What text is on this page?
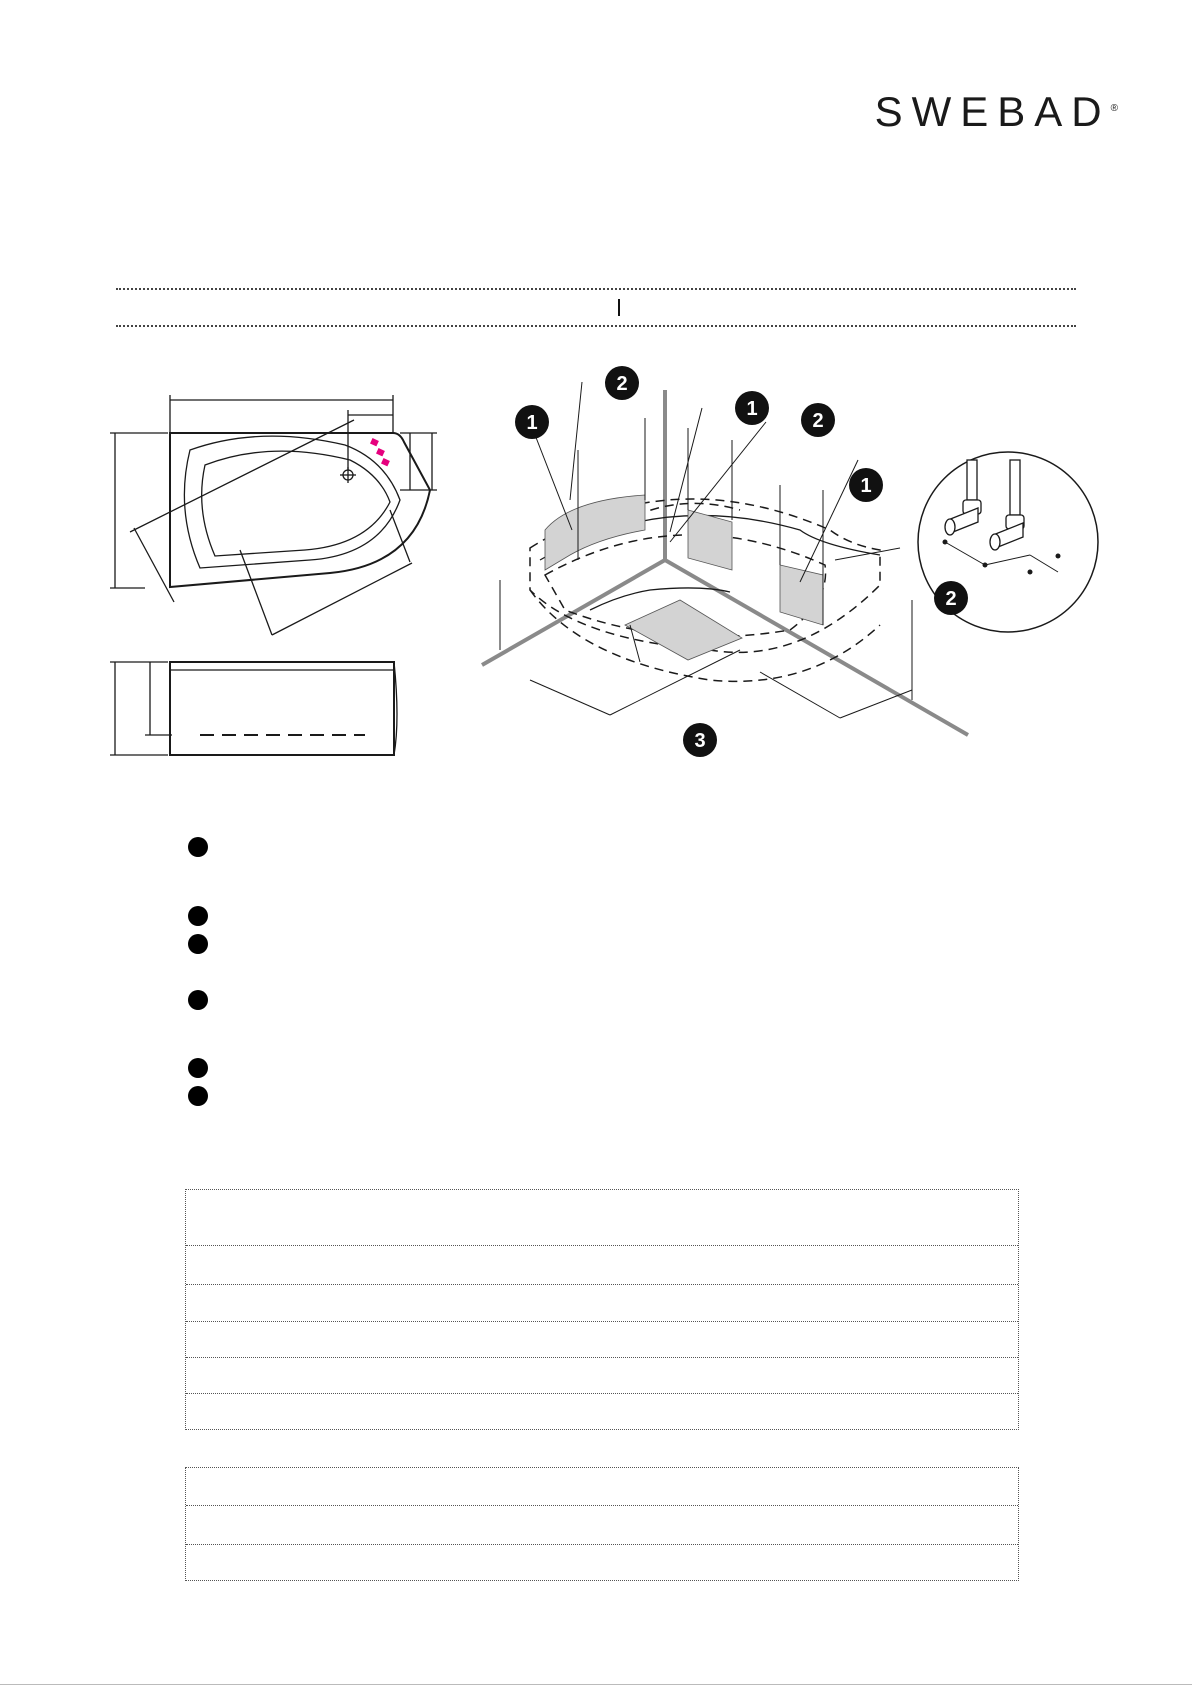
SWEBAD®
1
2
1
2
1
2
3
